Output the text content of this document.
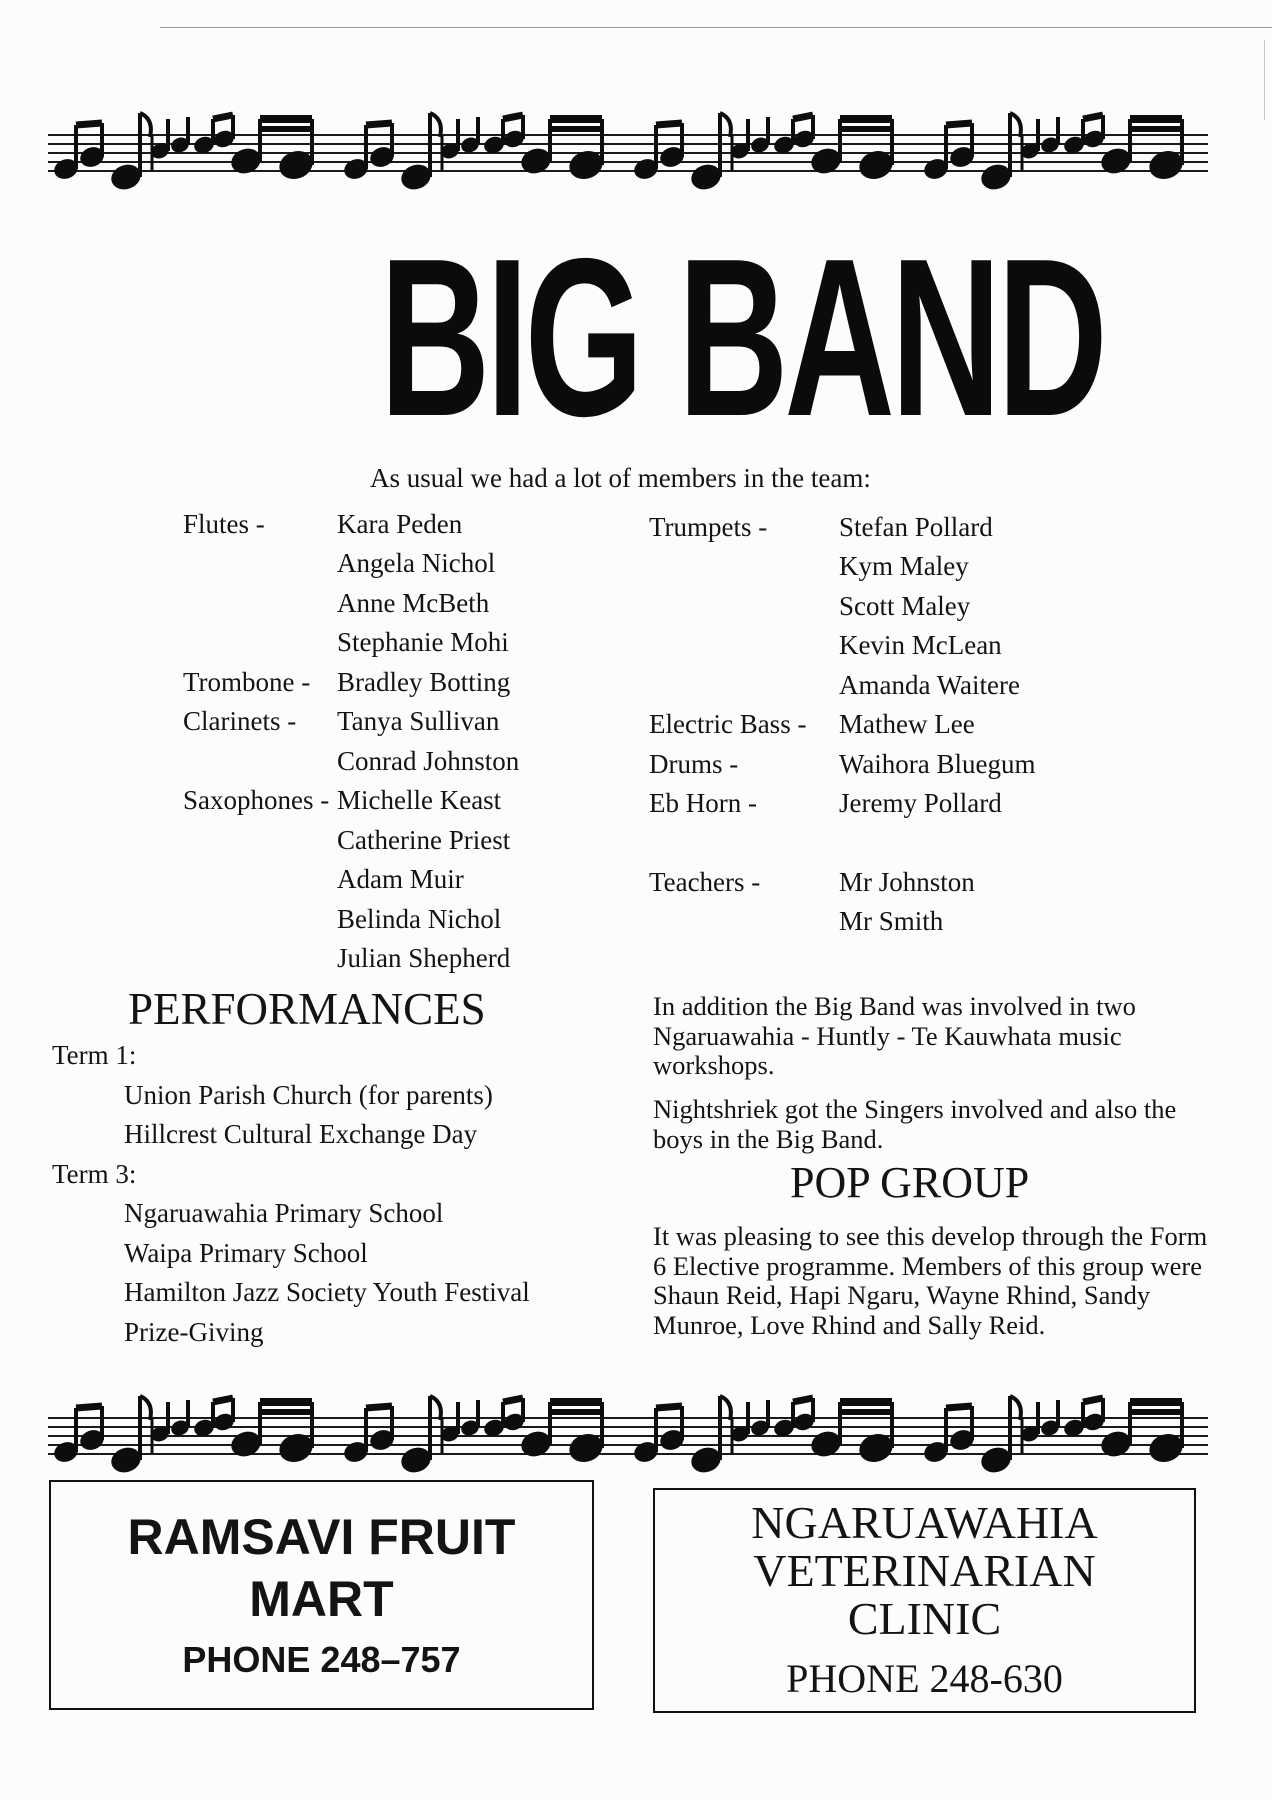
BIG BAND
As usual we had a lot of members in the team:
Flutes -	Kara Peden
Angela Nichol
Anne McBeth
Stephanie Mohi
Trombone - Bradley Botting
Clarinets - Tanya Sullivan
Conrad Johnston
Saxophones - Michelle Keast
Catherine Priest
Adam Muir
Belinda Nichol
Julian Shepherd
Trumpets -	Stefan Pollard
Kym Maley
Scott Maley
Kevin McLean
Amanda Waitere
Electric Bass - Mathew Lee
Drums -	Waihora Bluegum
Eb Horn -	Jeremy Pollard
Teachers -	Mr Johnston
Mr Smith
PERFORMANCES
Term 1:
Union Parish Church (for parents)
Hillcrest Cultural Exchange Day
Term 3:
Ngaruawahia Primary School
Waipa Primary School
Hamilton Jazz Society Youth Festival
Prize-Giving
In addition the Big Band was involved in two Ngaruawahia - Huntly - Te Kauwhata music workshops.
Nightshriek got the Singers involved and also the boys in the Big Band.
POP GROUP
It was pleasing to see this develop through the Form 6 Elective programme. Members of this group were Shaun Reid, Hapi Ngaru, Wayne Rhind, Sandy Munroe, Love Rhind and Sally Reid.
RAMSAVI FRUIT
MART
PHONE 248–757
NGARUAWAHIA
VETERINARIAN
CLINIC
PHONE 248-630
